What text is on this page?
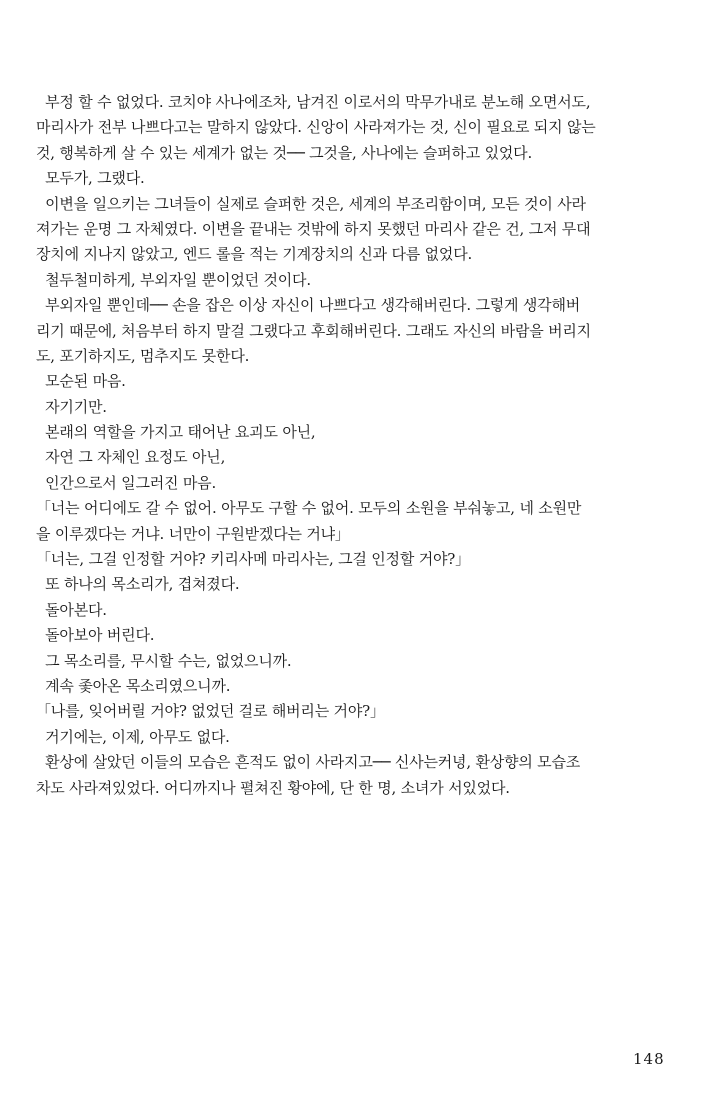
부정 할 수 없었다. 코치야 사나에조차, 남겨진 이로서의 막무가내로 분노해 오면서도,
마리사가 전부 나쁘다고는 말하지 않았다. 신앙이 사라져가는 것, 신이 필요로 되지 않는
것, 행복하게 살 수 있는 세계가 없는 것── 그것을, 사나에는 슬퍼하고 있었다.
모두가, 그랬다.
이변을 일으키는 그녀들이 실제로 슬퍼한 것은, 세계의 부조리함이며, 모든 것이 사라
져가는 운명 그 자체였다. 이변을 끝내는 것밖에 하지 못했던 마리사 같은 건, 그저 무대
장치에 지나지 않았고, 엔드 롤을 적는 기계장치의 신과 다름 없었다.
철두철미하게, 부외자일 뿐이었던 것이다.
부외자일 뿐인데── 손을 잡은 이상 자신이 나쁘다고 생각해버린다. 그렇게 생각해버
리기 때문에, 처음부터 하지 말걸 그랬다고 후회해버린다. 그래도 자신의 바람을 버리지
도, 포기하지도, 멈추지도 못한다.
모순된 마음.
자기기만.
본래의 역할을 가지고 태어난 요괴도 아닌,
자연 그 자체인 요정도 아닌,
인간으로서 일그러진 마음.
「너는 어디에도 갈 수 없어. 아무도 구할 수 없어. 모두의 소원을 부숴놓고, 네 소원만
을 이루겠다는 거냐. 너만이 구원받겠다는 거냐」
「너는, 그걸 인정할 거야? 키리사메 마리사는, 그걸 인정할 거야?」
또 하나의 목소리가, 겹쳐졌다.
돌아본다.
돌아보아 버린다.
그 목소리를, 무시할 수는, 없었으니까.
계속 좇아온 목소리였으니까.
「나를, 잊어버릴 거야? 없었던 걸로 해버리는 거야?」
거기에는, 이제, 아무도 없다.
환상에 살았던 이들의 모습은 흔적도 없이 사라지고── 신사는커녕, 환상향의 모습조
차도 사라져있었다. 어디까지나 펼쳐진 황야에, 단 한 명, 소녀가 서있었다.
148
